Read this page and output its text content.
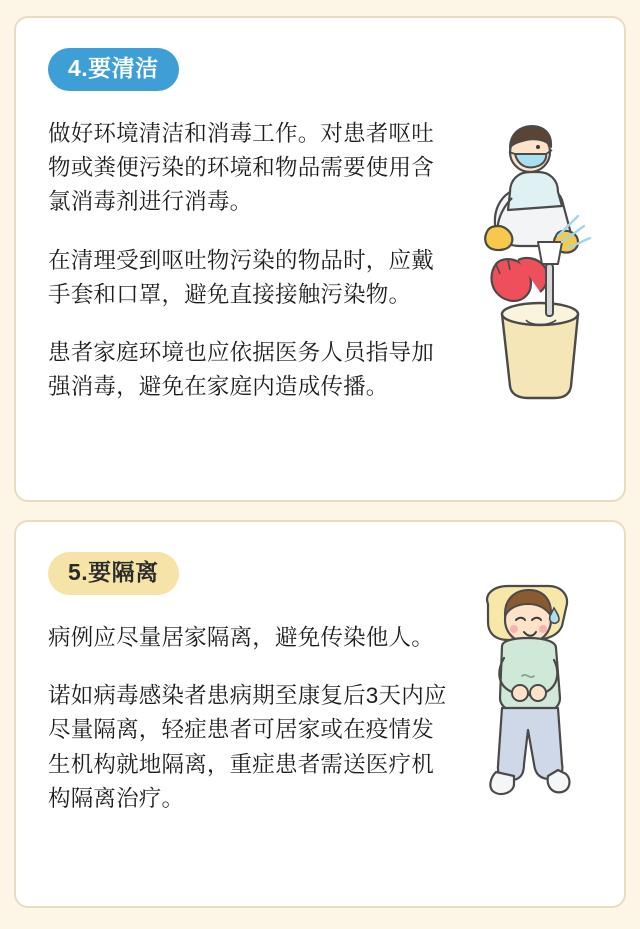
4.要清洁

做好环境清洁和消毒工作。对患者呕吐物或粪便污染的环境和物品需要使用含氯消毒剂进行消毒。

在清理受到呕吐物污染的物品时，应戴手套和口罩，避免直接接触污染物。

患者家庭环境也应依据医务人员指导加强消毒，避免在家庭内造成传播。

5.要隔离

病例应尽量居家隔离，避免传染他人。

诺如病毒感染者患病期至康复后3天内应尽量隔离，轻症患者可居家或在疫情发生机构就地隔离，重症患者需送医疗机构隔离治疗。
